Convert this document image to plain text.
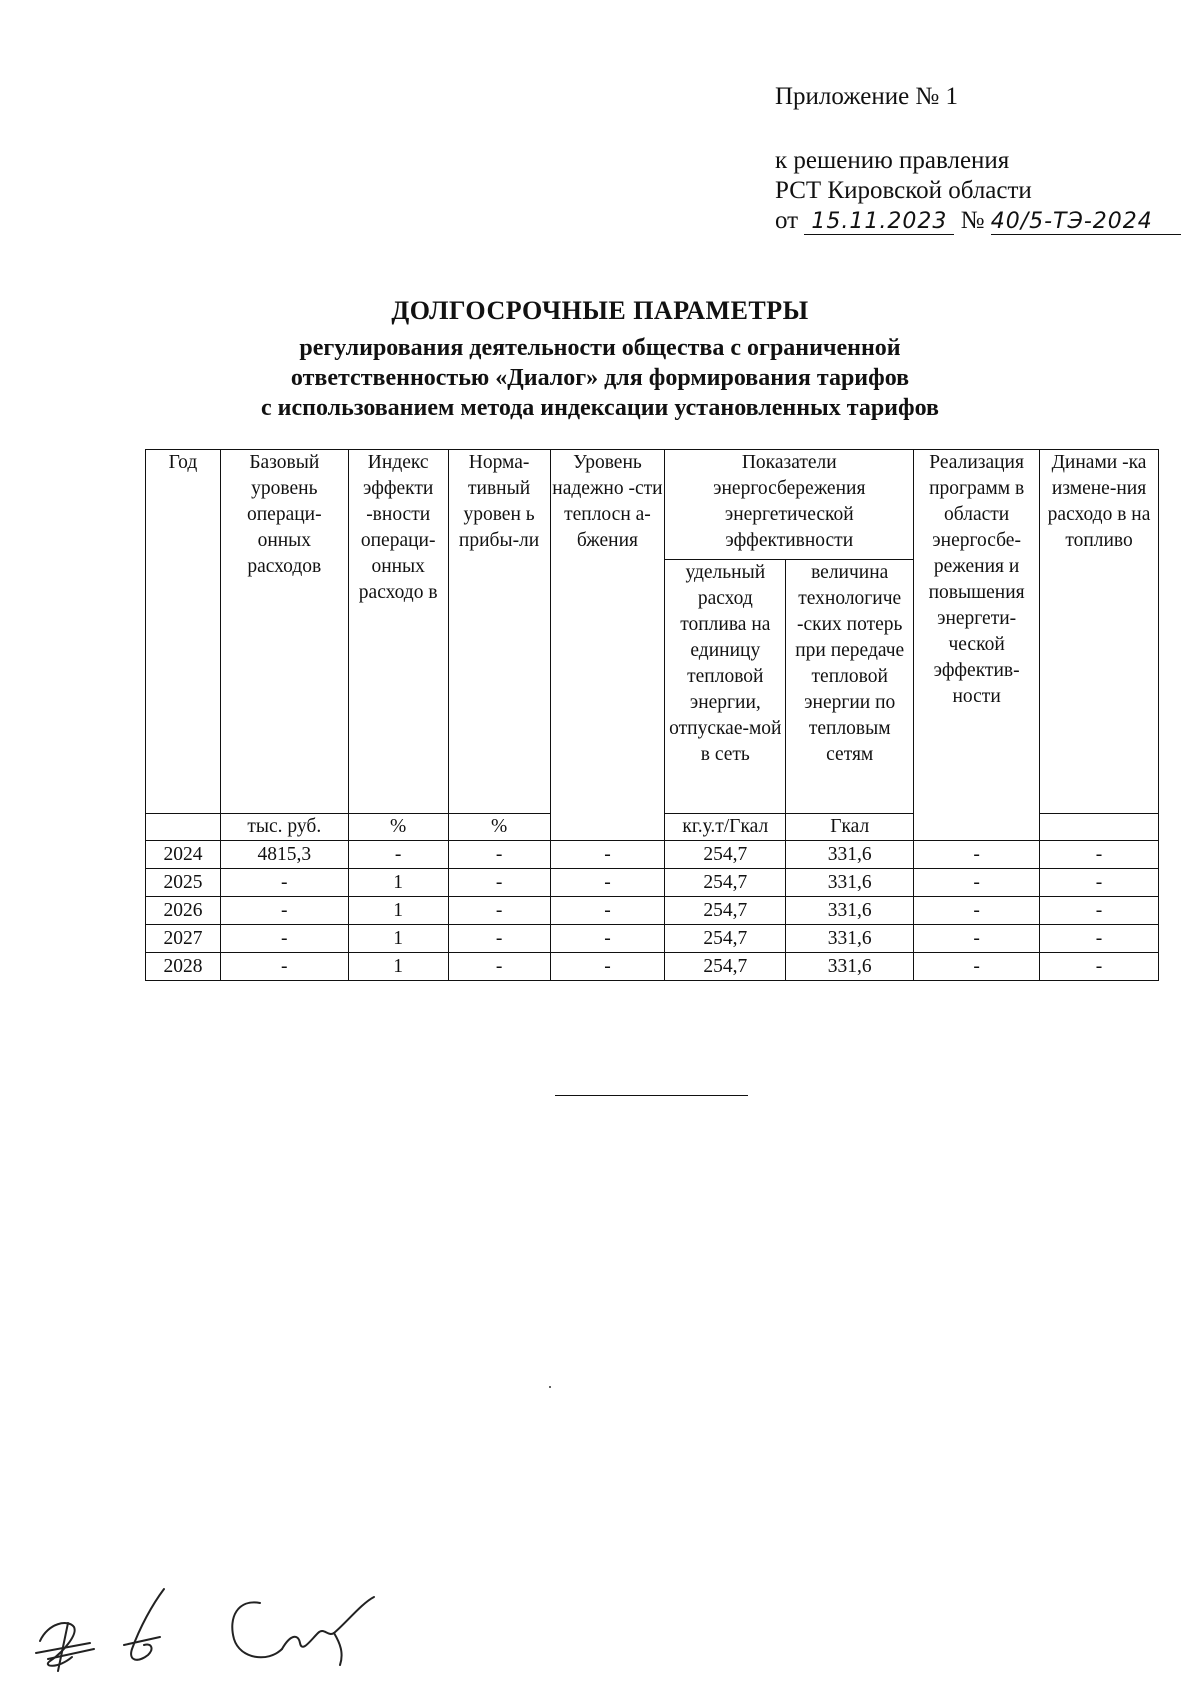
Приложение № 1
к решению правления
РСТ Кировской области
от 15.11.2023 № 40/5-ТЭ-2024
ДОЛГОСРОЧНЫЕ ПАРАМЕТРЫ
регулирования деятельности общества с ограниченной
ответственностью «Диалог» для формирования тарифов
с использованием метода индексации установленных тарифов
Год	Базовый уровень операци-онных расходов	Индекс эффекти -вности операци-онных расходо в	Норма-тивный уровен ь прибы-ли	Уровень надежно -сти теплосн а-бжения	Показатели энергосбережения энергетической эффективности		Реализация программ в области энергосбе-режения и повышения энергети-ческой эффектив-ности	Динами -ка измене-ния расходо в на топливо
					удельный расход топлива на единицу тепловой энергии, отпускае-мой в сеть	величина технологиче -ских потерь при передаче тепловой энергии по тепловым сетям		
	тыс. руб.	%	%		кг.у.т/Гкал	Гкал		
2024	4815,3	-	-	-	254,7	331,6	-	-
2025	-	1	-	-	254,7	331,6	-	-
2026	-	1	-	-	254,7	331,6	-	-
2027	-	1	-	-	254,7	331,6	-	-
2028	-	1	-	-	254,7	331,6	-	-
